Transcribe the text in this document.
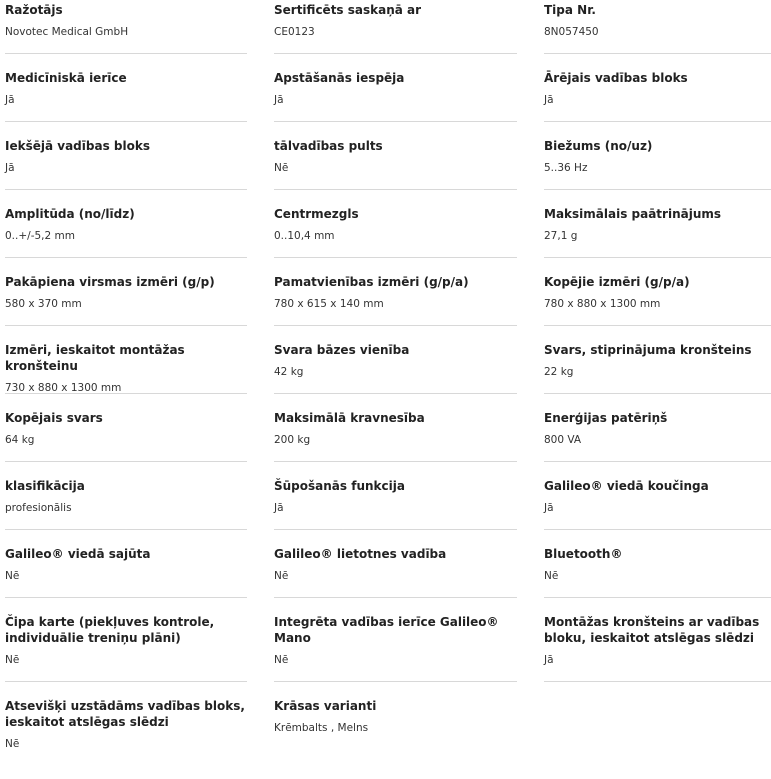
Ražotājs
Novotec Medical GmbH
Sertificēts saskaņā ar
CE0123
Tipa Nr.
8N057450
Medicīniskā ierīce
Jā
Apstāšanās iespēja
Jā
Ārējais vadības bloks
Jā
Iekšējā vadības bloks
Jā
tālvadības pults
Nē
Biežums (no/uz)
5..36 Hz
Amplitūda (no/līdz)
0..+/-5,2 mm
Centrmezgls
0..10,4 mm
Maksimālais paātrinājums
27,1 g
Pakāpiena virsmas izmēri (g/p)
580 x 370 mm
Pamatvienības izmēri (g/p/a)
780 x 615 x 140 mm
Kopējie izmēri (g/p/a)
780 x 880 x 1300 mm
Izmēri, ieskaitot montāžas kronšteinu
730 x 880 x 1300 mm
Svara bāzes vienība
42 kg
Svars, stiprinājuma kronšteins
22 kg
Kopējais svars
64 kg
Maksimālā kravnesība
200 kg
Enerģijas patēriņš
800 VA
klasifikācija
profesionālis
Šūpošanās funkcija
Jā
Galileo® viedā koučinga
Jā
Galileo® viedā sajūta
Nē
Galileo® lietotnes vadība
Nē
Bluetooth®
Nē
Čipa karte (piekļuves kontrole, individuālie treniņu plāni)
Nē
Integrēta vadības ierīce Galileo® Mano
Nē
Montāžas kronšteins ar vadības bloku, ieskaitot atslēgas slēdzi
Jā
Atsevišķi uzstādāms vadības bloks, ieskaitot atslēgas slēdzi
Nē
Krāsas varianti
Krēmbalts , Melns
